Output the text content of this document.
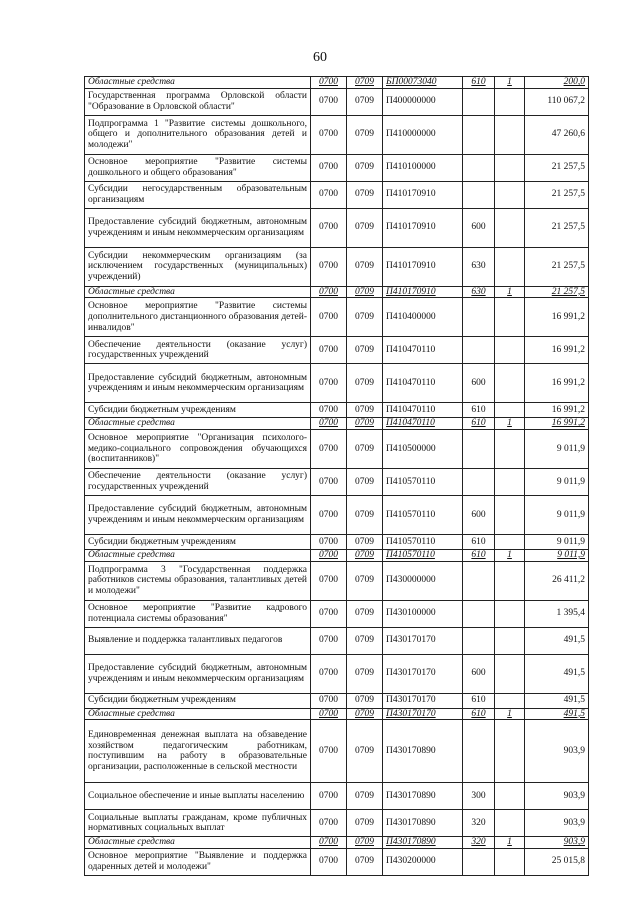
60
Областные средства	0700	0709	БП00073040	610	1	200,0
Государственная программа Орловской области "Образование в Орловской области"	0700	0709	П400000000			110 067,2
Подпрограмма 1 "Развитие системы дошкольного, общего и дополнительного образования детей и молодежи"	0700	0709	П410000000			47 260,6
Основное мероприятие "Развитие системы дошкольного и общего образования"	0700	0709	П410100000			21 257,5
Субсидии негосударственным образовательным организациям	0700	0709	П410170910			21 257,5
Предоставление субсидий бюджетным, автономным учреждениям и иным некоммерческим организациям	0700	0709	П410170910	600		21 257,5
Субсидии некоммерческим организациям (за исключением государственных (муниципальных) учреждений)	0700	0709	П410170910	630		21 257,5
Областные средства	0700	0709	П410170910	630	1	21 257,5
Основное мероприятие "Развитие системы дополнительного дистанционного образования детей-инвалидов"	0700	0709	П410400000			16 991,2
Обеспечение деятельности (оказание услуг) государственных учреждений	0700	0709	П410470110			16 991,2
Предоставление субсидий бюджетным, автономным учреждениям и иным некоммерческим организациям	0700	0709	П410470110	600		16 991,2
Субсидии бюджетным учреждениям	0700	0709	П410470110	610		16 991,2
Областные средства	0700	0709	П410470110	610	1	16 991,2
Основное мероприятие "Организация психолого-медико-социального сопровождения обучающихся (воспитанников)"	0700	0709	П410500000			9 011,9
Обеспечение деятельности (оказание услуг) государственных учреждений	0700	0709	П410570110			9 011,9
Предоставление субсидий бюджетным, автономным учреждениям и иным некоммерческим организациям	0700	0709	П410570110	600		9 011,9
Субсидии бюджетным учреждениям	0700	0709	П410570110	610		9 011,9
Областные средства	0700	0709	П410570110	610	1	9 011,9
Подпрограмма 3 "Государственная поддержка работников системы образования, талантливых детей и молодежи"	0700	0709	П430000000			26 411,2
Основное мероприятие "Развитие кадрового потенциала системы образования"	0700	0709	П430100000			1 395,4
Выявление и поддержка талантливых педагогов	0700	0709	П430170170			491,5
Предоставление субсидий бюджетным, автономным учреждениям и иным некоммерческим организациям	0700	0709	П430170170	600		491,5
Субсидии бюджетным учреждениям	0700	0709	П430170170	610		491,5
Областные средства	0700	0709	П430170170	610	1	491,5
Единовременная денежная выплата на обзаведение хозяйством педагогическим работникам, поступившим на работу в образовательные организации, расположенные в сельской местности	0700	0709	П430170890			903,9
Социальное обеспечение и иные выплаты населению	0700	0709	П430170890	300		903,9
Социальные выплаты гражданам, кроме публичных нормативных социальных выплат	0700	0709	П430170890	320		903,9
Областные средства	0700	0709	П430170890	320	1	903,9
Основное мероприятие "Выявление и поддержка одаренных детей и молодежи"	0700	0709	П430200000			25 015,8
